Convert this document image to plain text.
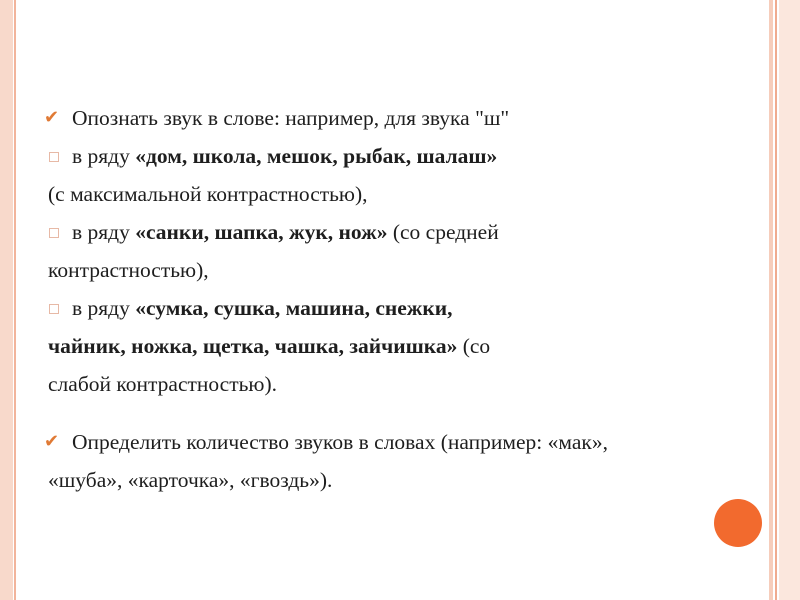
✔ Опознать звук в слове: например, для звука "ш"
в ряду «дом, школа, мешок, рыбак, шалаш»
(с максимальной контрастностью),
в ряду «санки, шапка, жук, нож» (со средней
контрастностью),
в ряду «сумка, сушка, машина, снежки,
чайник, ножка, щетка, чашка, зайчишка» (со
слабой контрастностью).
✔ Определить количество звуков в словах (например: «мак»,
«шуба», «карточка», «гвоздь»).
